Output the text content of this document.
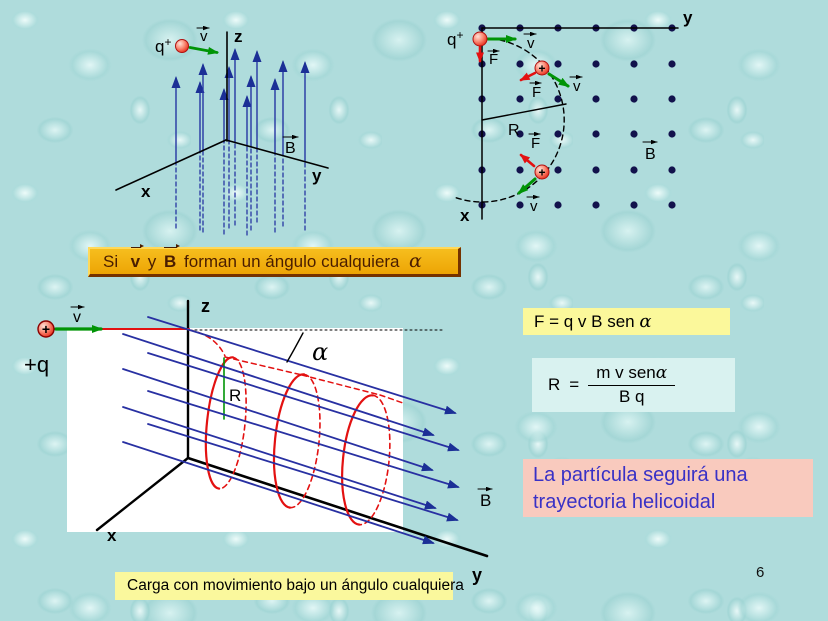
z
x
y
B
q+ v
y
x
R
q+	v
F
+
v
F
+
F
v
B
R
α
z
x
y
B
+
v
+q
Si v y B forman un ángulo cualquiera α
F = q v B sen α
$R = \frac{\text{m v senα}}{\text{B q}}$
La partícula seguirá una trayectoria helicoidal
Carga con movimiento bajo un ángulo cualquiera
6
